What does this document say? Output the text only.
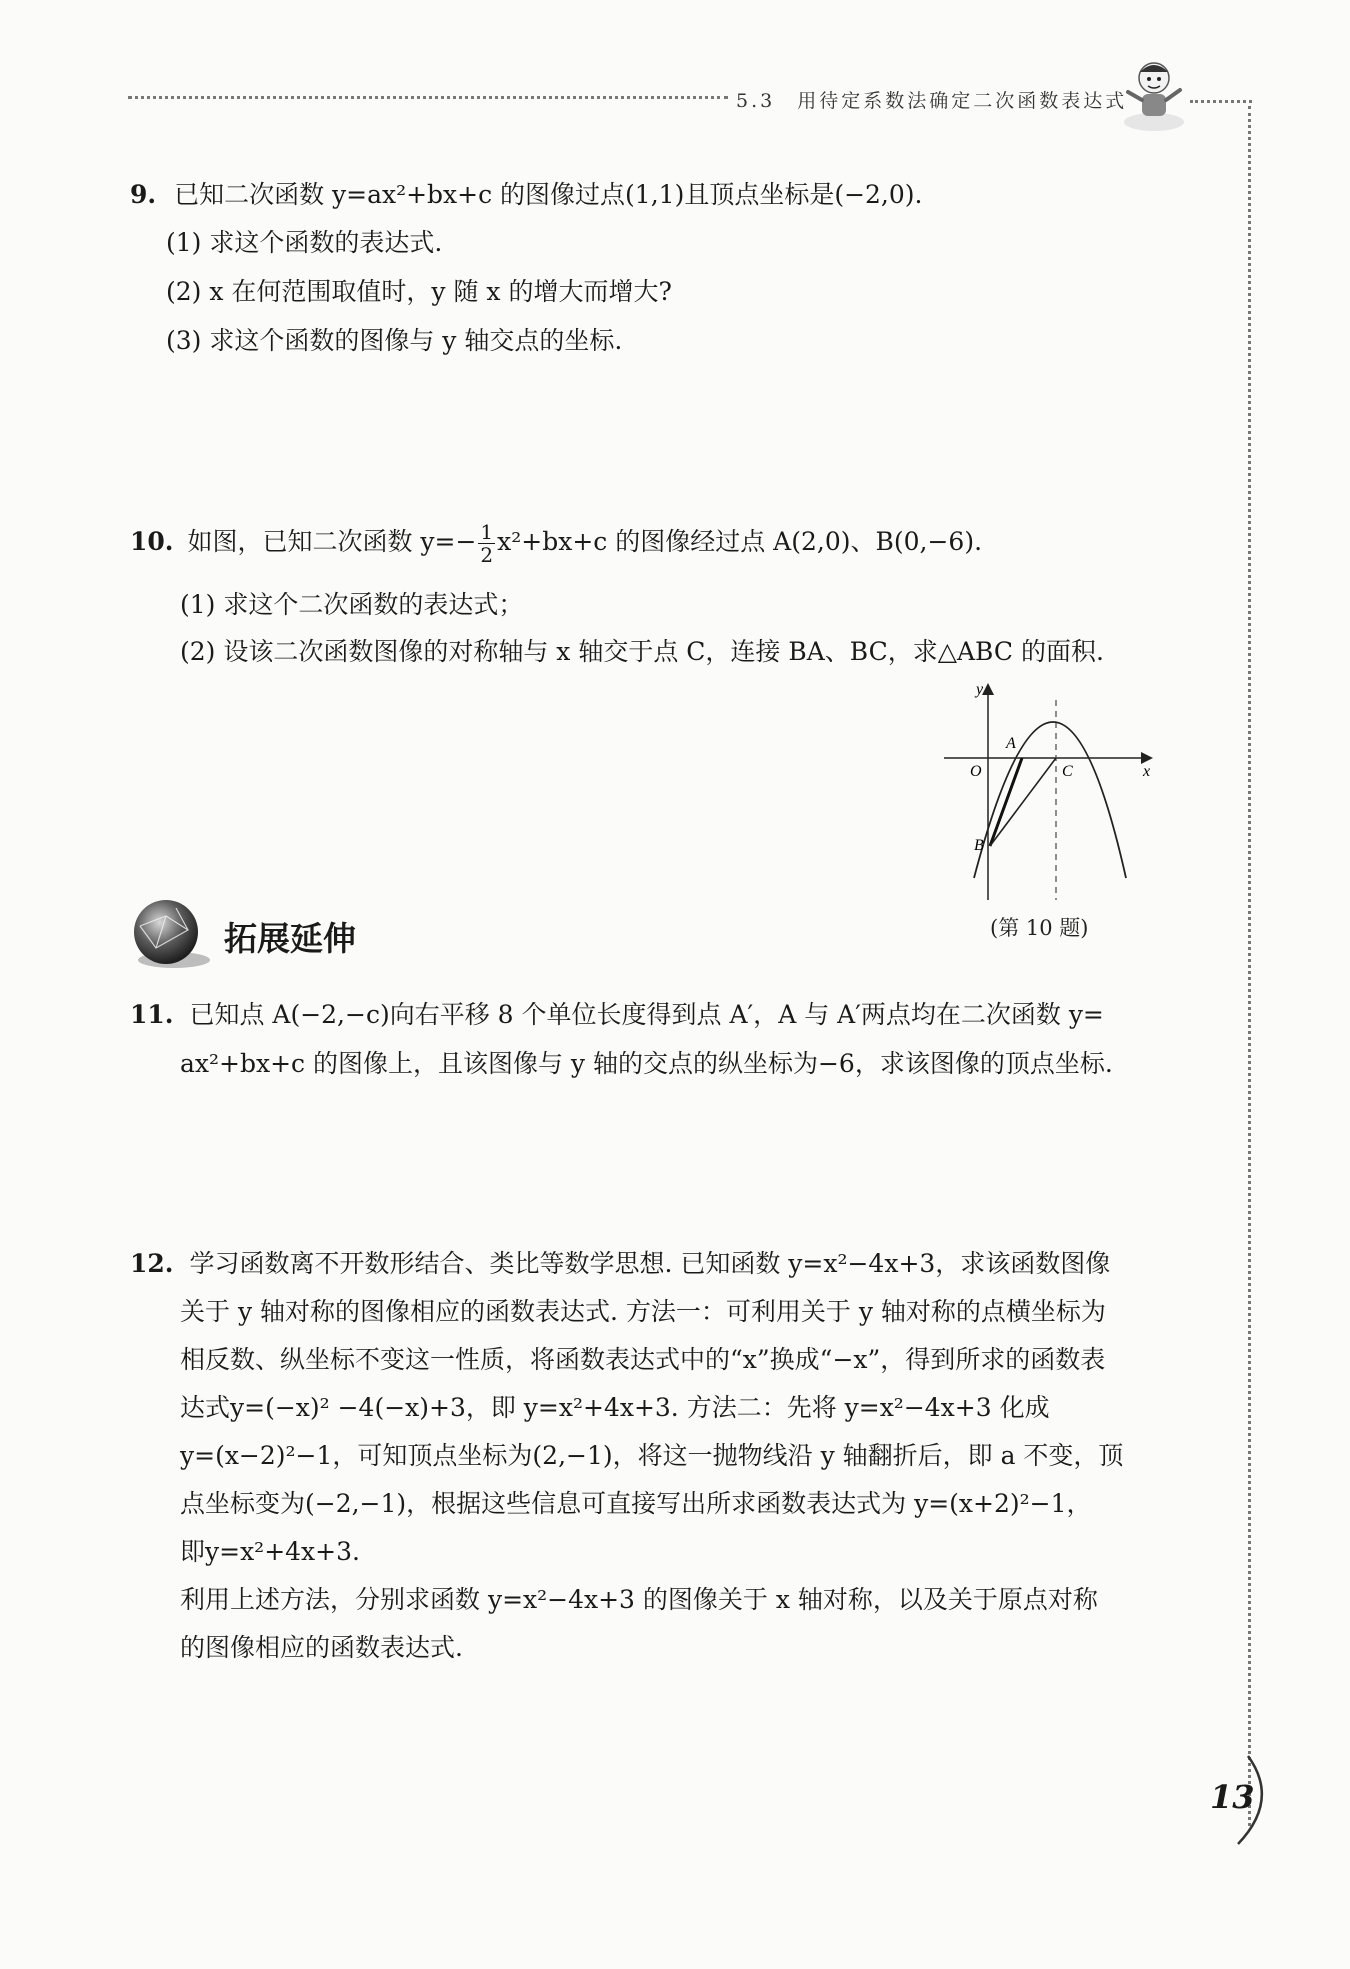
5.3　用待定系数法确定二次函数表达式
9. 已知二次函数 y=ax²+bx+c 的图像过点(1,1)且顶点坐标是(−2,0).
(1) 求这个函数的表达式.
(2) x 在何范围取值时，y 随 x 的增大而增大?
(3) 求这个函数的图像与 y 轴交点的坐标.
10. 如图，已知二次函数 $y=- \frac{1}{2} x^2+bx+c$ 的图像经过点 A(2,0)、B(0,−6).
(1) 求这个二次函数的表达式；
(2) 设该二次函数图像的对称轴与 x 轴交于点 C，连接 BA、BC，求△ABC 的面积.
y
x
O
A
C
B
(第 10 题)
拓展延伸
11. 已知点 A(−2,−c)向右平移 8 个单位长度得到点 A′，A 与 A′两点均在二次函数 y=
ax²+bx+c 的图像上，且该图像与 y 轴的交点的纵坐标为−6，求该图像的顶点坐标.
12. 学习函数离不开数形结合、类比等数学思想. 已知函数 y=x²−4x+3，求该函数图像
关于 y 轴对称的图像相应的函数表达式. 方法一：可利用关于 y 轴对称的点横坐标为
相反数、纵坐标不变这一性质，将函数表达式中的“x”换成“−x”，得到所求的函数表
达式y=(−x)² −4(−x)+3，即 y=x²+4x+3. 方法二：先将 y=x²−4x+3 化成
y=(x−2)²−1，可知顶点坐标为(2,−1)，将这一抛物线沿 y 轴翻折后，即 a 不变，顶
点坐标变为(−2,−1)，根据这些信息可直接写出所求函数表达式为 y=(x+2)²−1，
即y=x²+4x+3.
利用上述方法，分别求函数 y=x²−4x+3 的图像关于 x 轴对称，以及关于原点对称
的图像相应的函数表达式.
13
